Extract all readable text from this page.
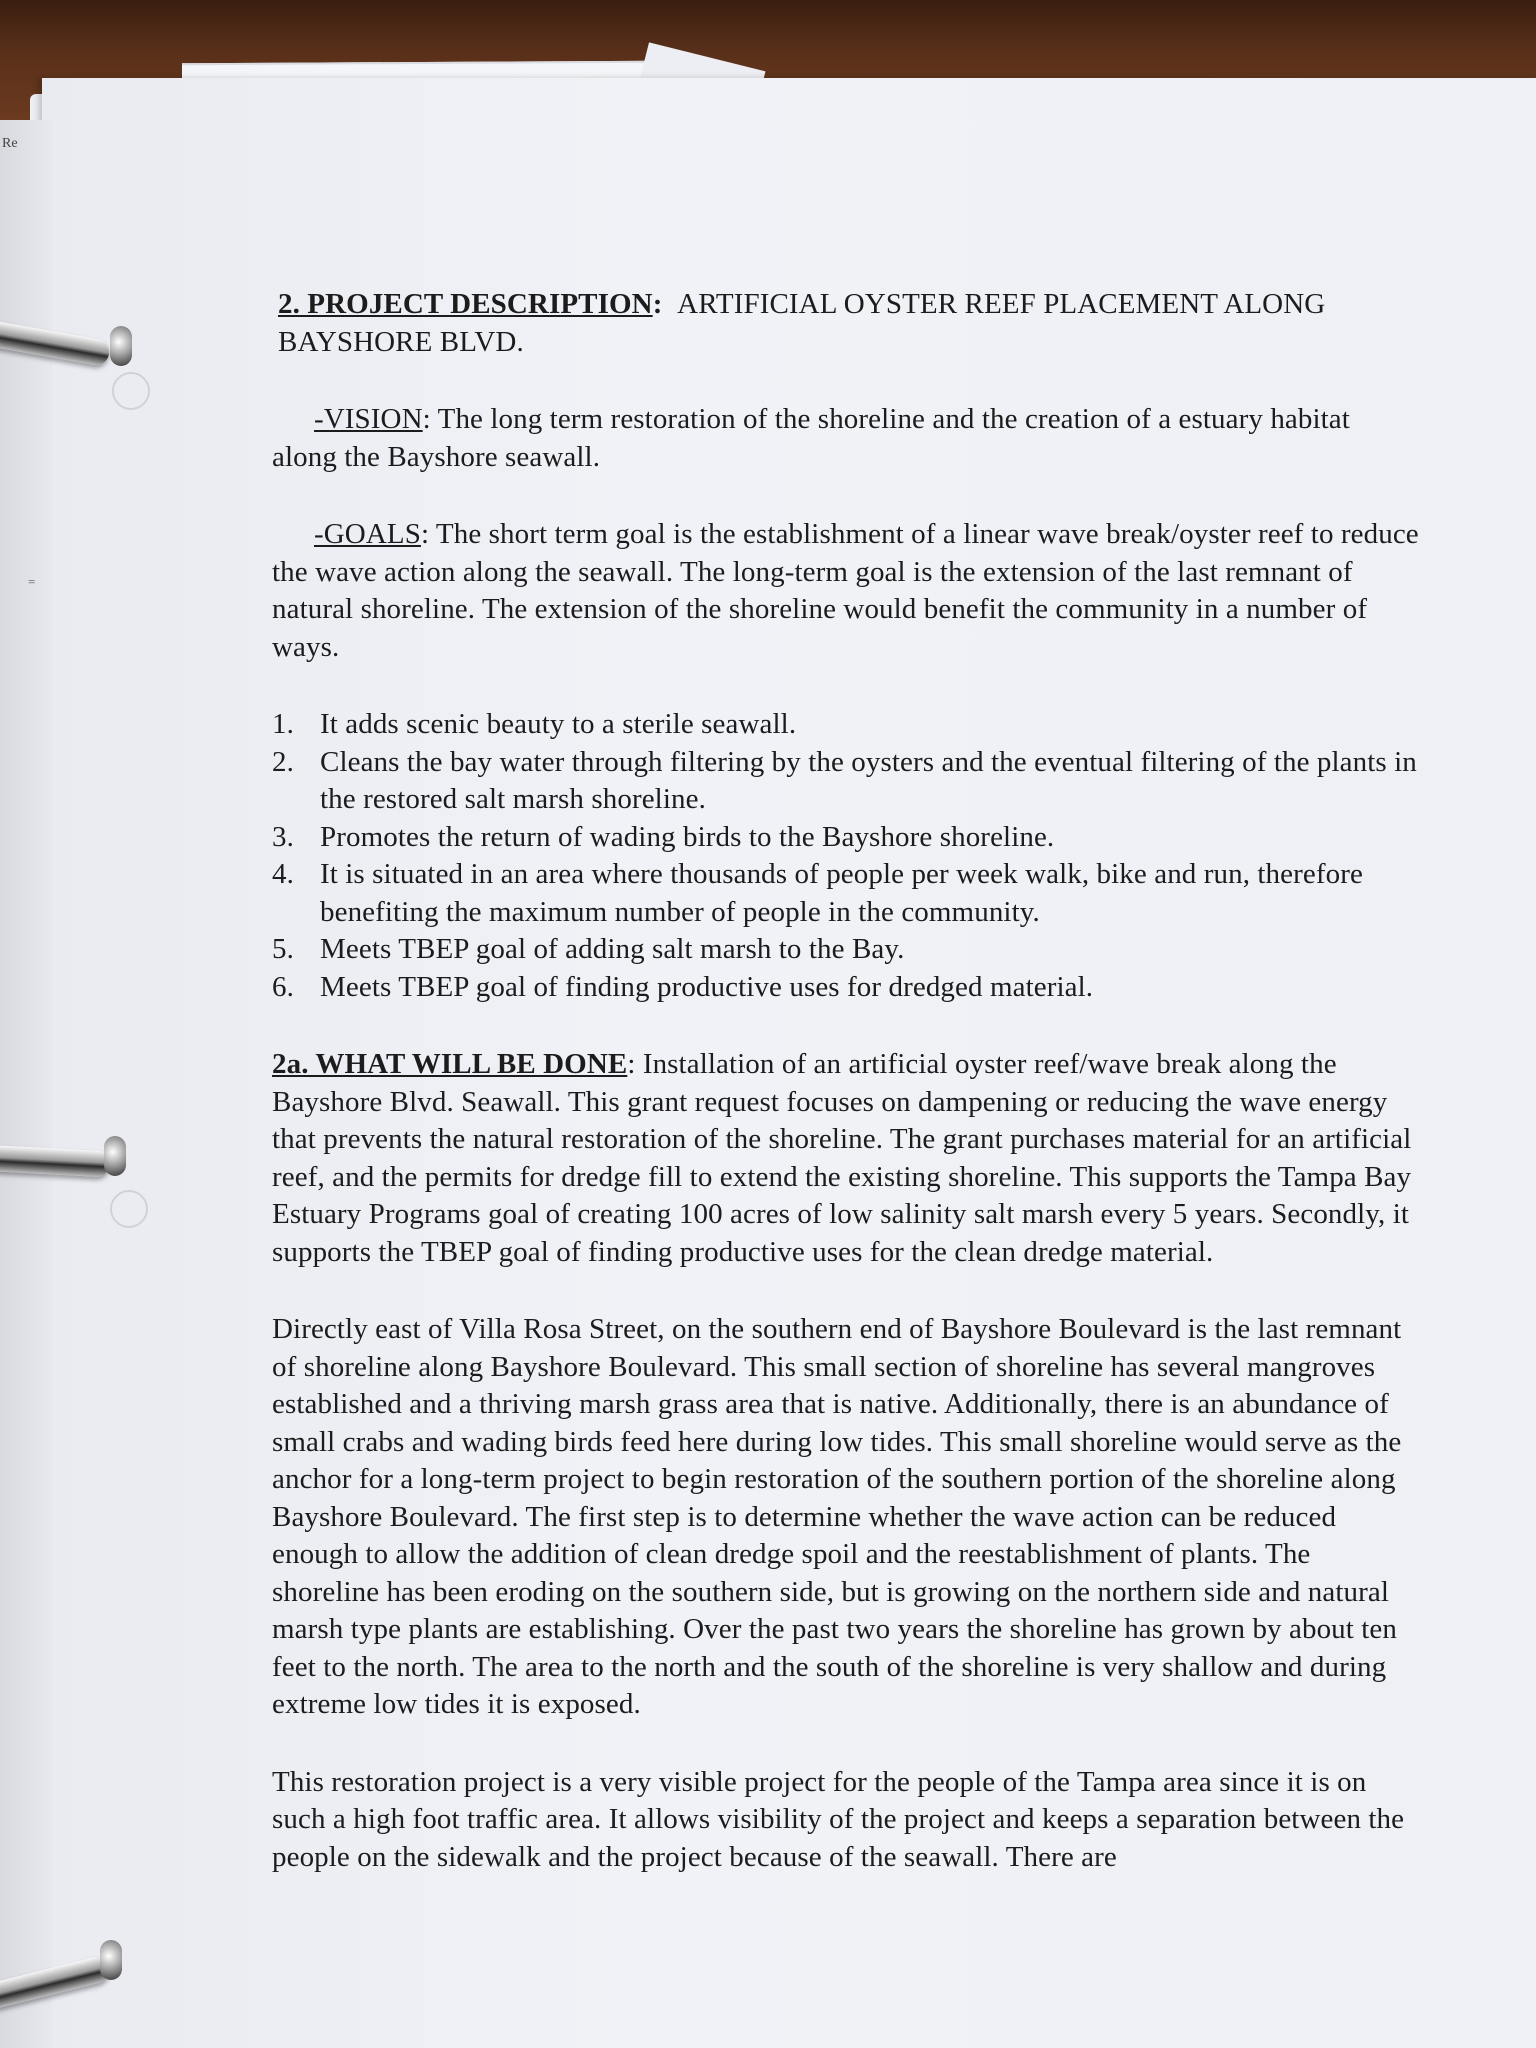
Re
=

2. PROJECT DESCRIPTION: ARTIFICIAL OYSTER REEF PLACEMENT ALONG BAYSHORE BLVD.

-VISION: The long term restoration of the shoreline and the creation of a estuary habitat along the Bayshore seawall.

-GOALS: The short term goal is the establishment of a linear wave break/oyster reef to reduce the wave action along the seawall. The long-term goal is the extension of the last remnant of natural shoreline. The extension of the shoreline would benefit the community in a number of ways.

1. It adds scenic beauty to a sterile seawall.
2. Cleans the bay water through filtering by the oysters and the eventual filtering of the plants in the restored salt marsh shoreline.
3. Promotes the return of wading birds to the Bayshore shoreline.
4. It is situated in an area where thousands of people per week walk, bike and run, therefore benefiting the maximum number of people in the community.
5. Meets TBEP goal of adding salt marsh to the Bay.
6. Meets TBEP goal of finding productive uses for dredged material.

2a. WHAT WILL BE DONE: Installation of an artificial oyster reef/wave break along the Bayshore Blvd. Seawall. This grant request focuses on dampening or reducing the wave energy that prevents the natural restoration of the shoreline. The grant purchases material for an artificial reef, and the permits for dredge fill to extend the existing shoreline. This supports the Tampa Bay Estuary Programs goal of creating 100 acres of low salinity salt marsh every 5 years. Secondly, it supports the TBEP goal of finding productive uses for the clean dredge material.

Directly east of Villa Rosa Street, on the southern end of Bayshore Boulevard is the last remnant of shoreline along Bayshore Boulevard. This small section of shoreline has several mangroves established and a thriving marsh grass area that is native. Additionally, there is an abundance of small crabs and wading birds feed here during low tides. This small shoreline would serve as the anchor for a long-term project to begin restoration of the southern portion of the shoreline along Bayshore Boulevard. The first step is to determine whether the wave action can be reduced enough to allow the addition of clean dredge spoil and the reestablishment of plants. The shoreline has been eroding on the southern side, but is growing on the northern side and natural marsh type plants are establishing. Over the past two years the shoreline has grown by about ten feet to the north. The area to the north and the south of the shoreline is very shallow and during extreme low tides it is exposed.

This restoration project is a very visible project for the people of the Tampa area since it is on such a high foot traffic area. It allows visibility of the project and keeps a separation between the people on the sidewalk and the project because of the seawall. There are
